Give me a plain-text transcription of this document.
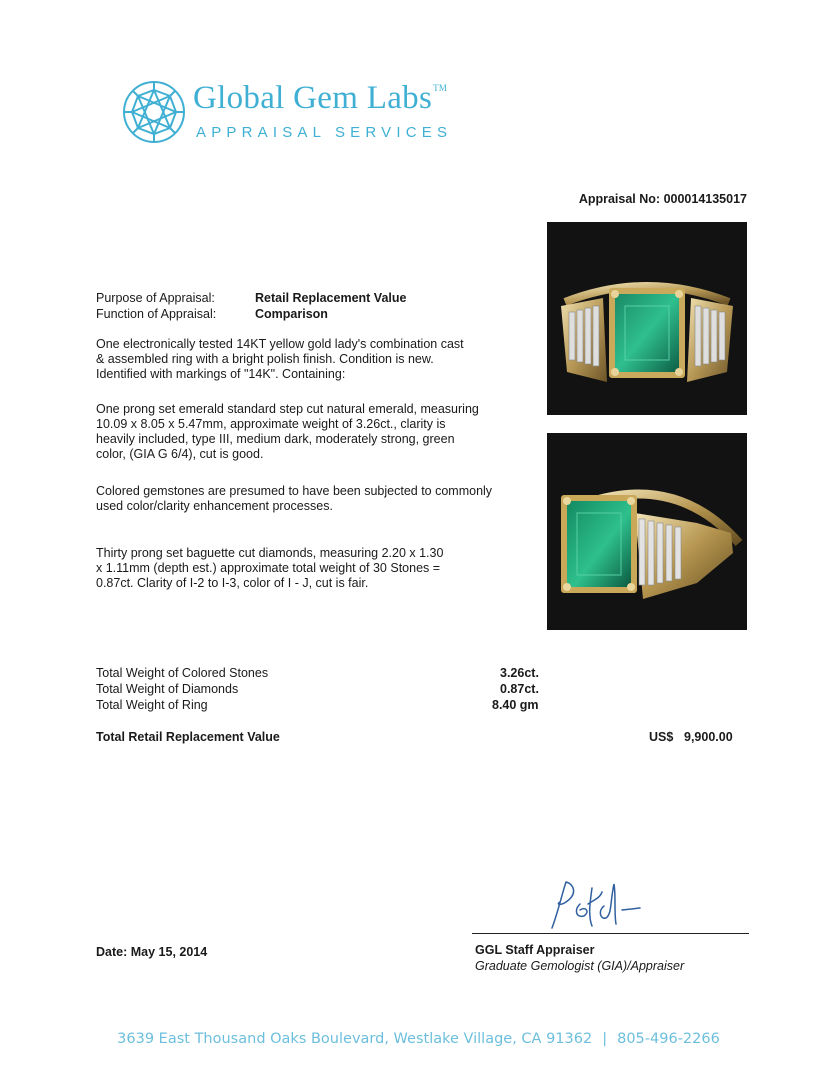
Global Gem Labs™
APPRAISAL SERVICES
Appraisal No: 000014135017
Purpose of Appraisal:	Retail Replacement Value
Function of Appraisal:	Comparison
One electronically tested 14KT yellow gold lady's combination cast
& assembled ring with a bright polish finish. Condition is new.
Identified with markings of "14K". Containing:
One prong set emerald standard step cut natural emerald, measuring
10.09 x 8.05 x 5.47mm, approximate weight of 3.26ct., clarity is
heavily included, type III, medium dark, moderately strong, green
color, (GIA G 6/4), cut is good.
Colored gemstones are presumed to have been subjected to commonly
used color/clarity enhancement processes.
Thirty prong set baguette cut diamonds, measuring 2.20 x 1.30
x 1.11mm (depth est.) approximate total weight of 30 Stones =
0.87ct. Clarity of I-2 to I-3, color of I - J, cut is fair.
Total Weight of Colored Stones	3.26ct.
Total Weight of Diamonds	0.87ct.
Total Weight of Ring	8.40 gm
Total Retail Replacement Value	US$ 9,900.00
GGL Staff Appraiser
Graduate Gemologist (GIA)/Appraiser
Date: May 15, 2014
3639 East Thousand Oaks Boulevard, Westlake Village, CA 91362 | 805-496-2266
